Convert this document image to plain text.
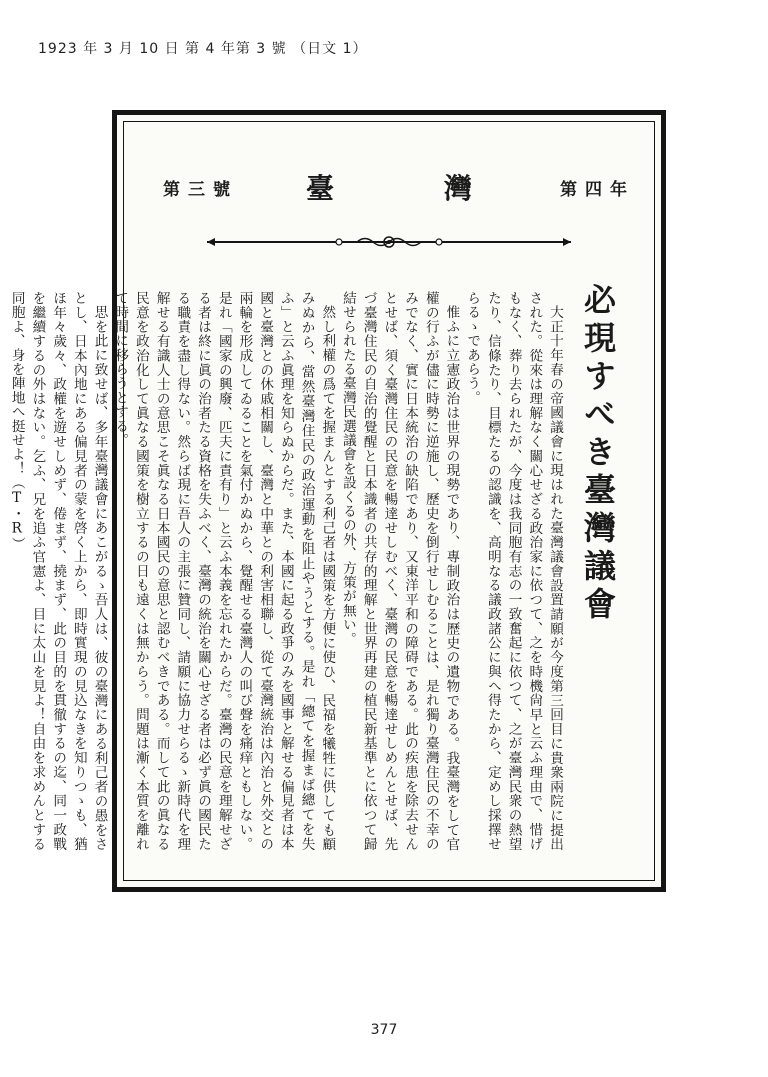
1923 年 3 月 10 日 第 4 年第 3 號 （日文 1）
臺灣
第四年
第三號
必現すべき臺灣議會

大正十年春の帝國議會に現はれた臺灣議會設置請願が今度第三回目に貴衆兩院に提出された。從來は理解なく關心せざる政治家に依つて、之を時機尙早と云ふ理由で、惜げもなく、葬り去られたが、今度は我同胞有志の一致奮起に依つて、之が臺灣民衆の熱望たり、信條たり、目標たるの認識を、高明なる議政諸公に與へ得たから、定めし採擇せらるゝであらう。

惟ふに立憲政治は世界の現勢であり、專制政治は歷史の遺物である。我臺灣をして官權の行ふが儘に時勢に逆施し、歷史を倒行せしむることは、是れ獨り臺灣住民の不幸のみでなく、實に日本統治の缺陷であり、又東洋平和の障碍である。此の疾患を除去せんとせば、須く臺灣住民の民意を暢達せしむべく、臺灣の民意を暢達せしめんとせば、先づ臺灣住民の自治的覺醒と日本識者の共存的理解と世界再建の植民新基準とに依つて歸結せられたる臺灣民選議會を設くるの外、方策が無い。

然し利權の爲てを握まんとする利己者は國策を方便に使ひ、民福を犧牲に供しても顧みぬから、當然臺灣住民の政治運動を阻止やうとする。是れ「總てを握まば總てを失ふ」と云ふ眞理を知らぬからだ。また、本國に起る政爭のみを國事と解せる偏見者は本國と臺灣との休戚相關し、臺灣と中華との利害相聯し、從て臺灣統治は內治と外交との兩輪を形成してゐることを氣付かぬから、覺醒せる臺灣人の叫び聲を痛痒ともしない。是れ「國家の興廢、匹夫に責有り」と云ふ本義を忘れたからだ。臺灣の民意を理解せざる者は終に眞の治者たる資格を失ふべく、臺灣の統治を關心せざる者は必ず眞の國民たる職責を盡し得ない。然らば現に吾人の主張に贊同し、請願に協力せらるゝ新時代を理解せる有識人士の意思こそ眞なる日本國民の意思と認むべきである。而して此の眞なる民意を政治化して眞なる國策を樹立するの日も遠くは無からう。問題は漸く本質を離れて時間に移らうとする。

思を此に致せば、多年臺灣議會にあこがるゝ吾人は、彼の臺灣にある利己者の愚をさとし、日本內地にある偏見者の蒙を啓く上から、即時實現の見込なきを知りつゝも、猶ほ年々歲々、政權を遊せしめず、倦まず、撓まず、此の目的を貫徹するの迄、同一政戰を繼續するの外はない。乞ふ、兄を追ふ官憲よ、目に太山を見よ！自由を求めんとする同胞よ、身を陣地へ挺せよ！（T・R）

377
